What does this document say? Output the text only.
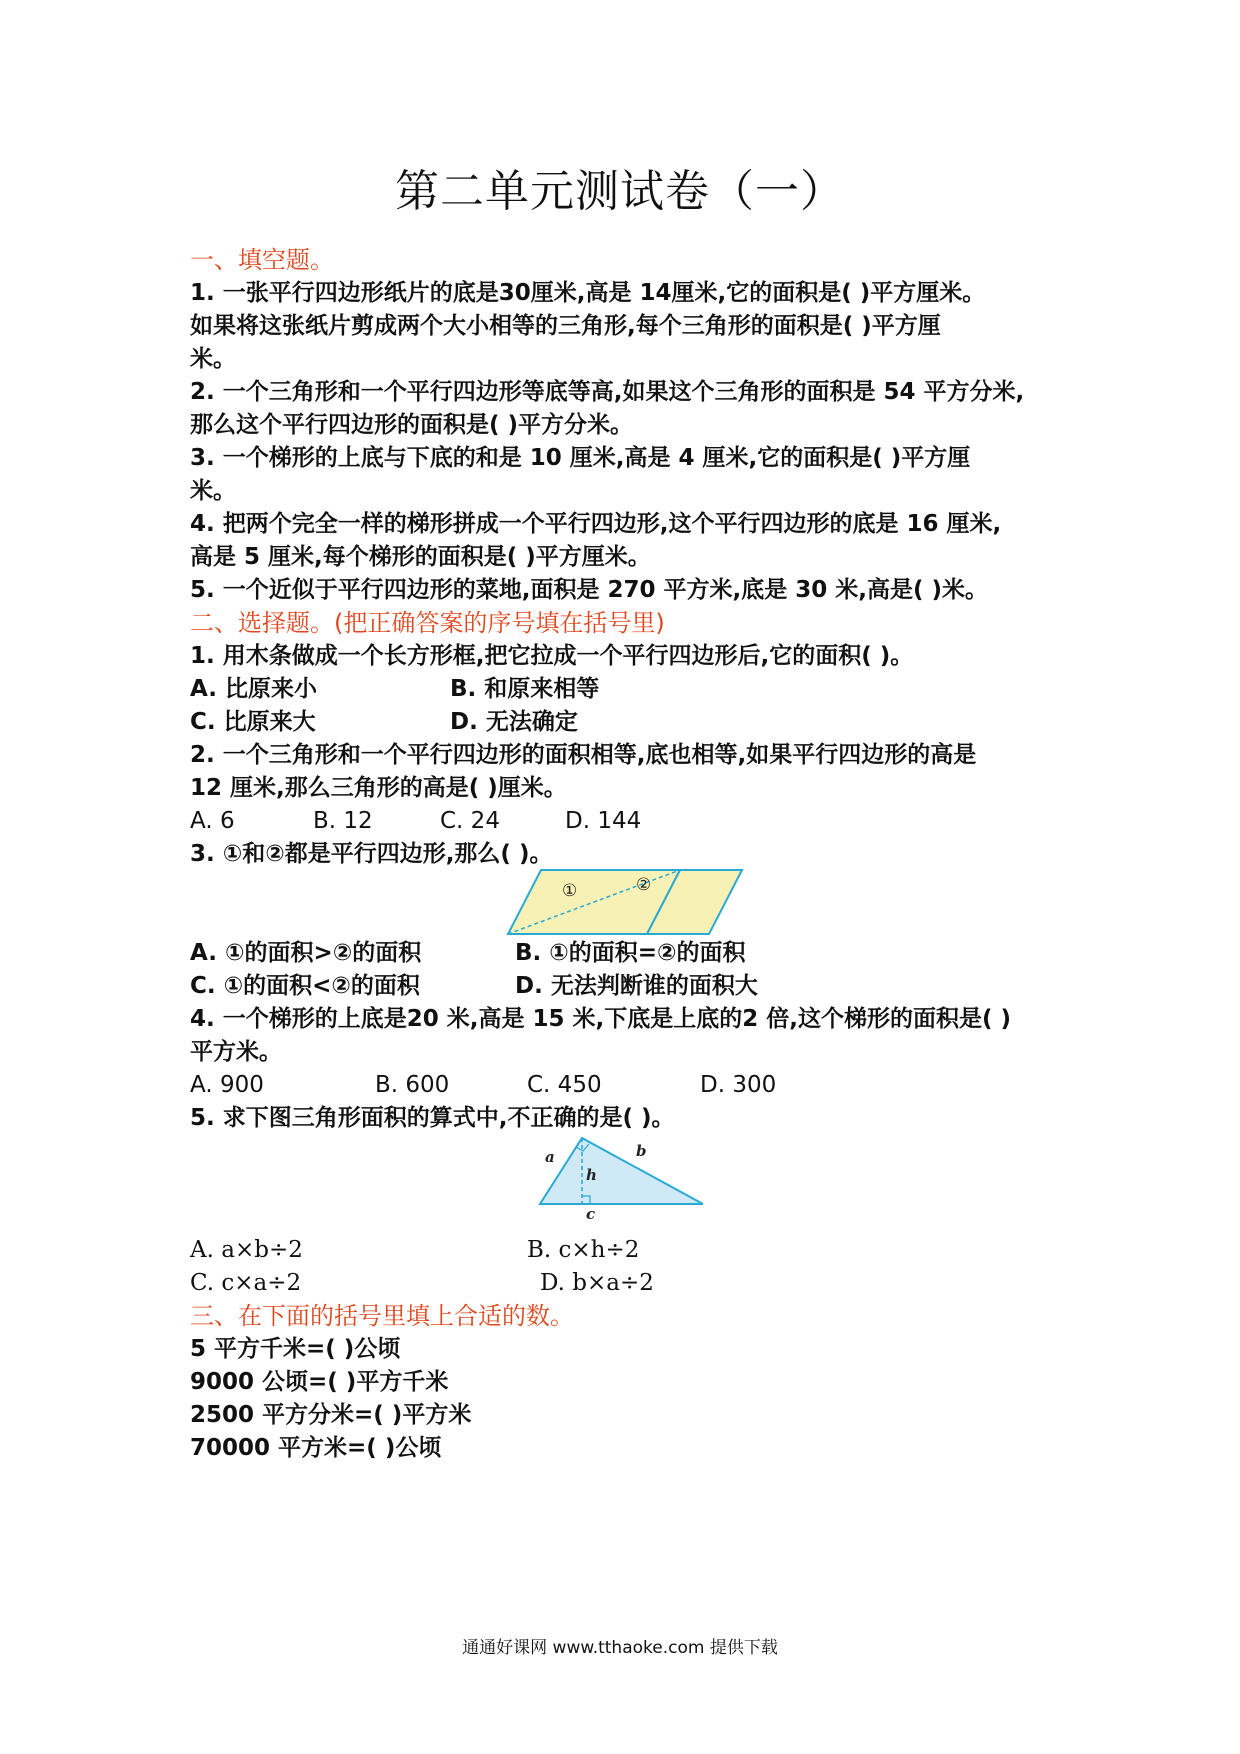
第二单元测试卷（一）
一、填空题。
1. 一张平行四边形纸片的底是30厘米,高是 14厘米,它的面积是( )平方厘米。
如果将这张纸片剪成两个大小相等的三角形,每个三角形的面积是( )平方厘
米。
2. 一个三角形和一个平行四边形等底等高,如果这个三角形的面积是 54 平方分米,
那么这个平行四边形的面积是( )平方分米。
3. 一个梯形的上底与下底的和是 10 厘米,高是 4 厘米,它的面积是( )平方厘
米。
4. 把两个完全一样的梯形拼成一个平行四边形,这个平行四边形的底是 16 厘米,
高是 5 厘米,每个梯形的面积是( )平方厘米。
5. 一个近似于平行四边形的菜地,面积是 270 平方米,底是 30 米,高是( )米。
二、选择题。(把正确答案的序号填在括号里)
1. 用木条做成一个长方形框,把它拉成一个平行四边形后,它的面积( )。
A. 比原来小	B. 和原来相等
C. 比原来大	D. 无法确定
2. 一个三角形和一个平行四边形的面积相等,底也相等,如果平行四边形的高是
12 厘米,那么三角形的高是( )厘米。
A. 6	B. 12	C. 24	D. 144
3. ①和②都是平行四边形,那么( )。
①	②
A. ①的面积>②的面积	B. ①的面积=②的面积
C. ①的面积<②的面积	D. 无法判断谁的面积大
4. 一个梯形的上底是20 米,高是 15 米,下底是上底的2 倍,这个梯形的面积是( )
平方米。
A. 900	B. 600	C. 450	D. 300
5. 求下图三角形面积的算式中,不正确的是( )。
a	b
h
c
A. a×b÷2	B. c×h÷2
C. c×a÷2	D. b×a÷2
三、在下面的括号里填上合适的数。
5 平方千米=( )公顷
9000 公顷=( )平方千米
2500 平方分米=( )平方米
70000 平方米=( )公顷
通通好课网 www.tthaoke.com 提供下载
